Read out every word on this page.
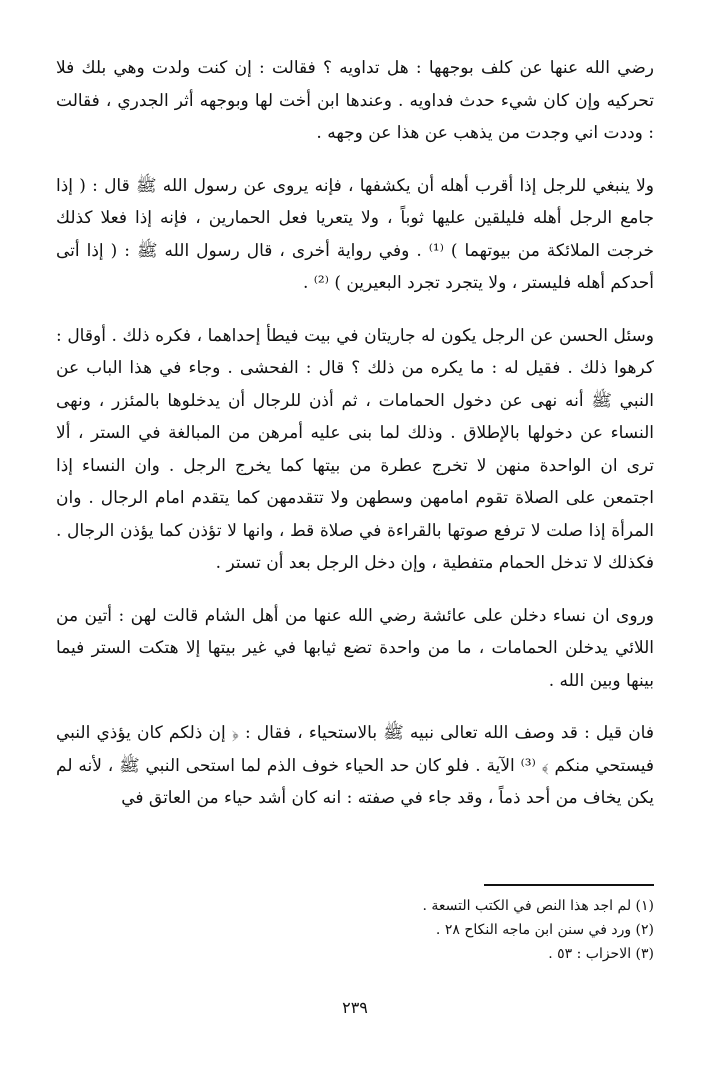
رضي الله عنها عن كلف بوجهها : هل تداويه ؟ فقالت : إن كنت ولدت وهي بلك فلا تحركيه وإن كان شيء حدث فداويه . وعندها ابن أخت لها وبوجهه أثر الجدري ، فقالت : وددت اني وجدت من يذهب عن هذا عن وجهه .

ولا ينبغي للرجل إذا أقرب أهله أن يكشفها ، فإنه يروى عن رسول الله ﷺ قال : ( إذا جامع الرجل أهله فليلقين عليها ثوباً ، ولا يتعريا فعل الحمارين ، فإنه إذا فعلا كذلك خرجت الملائكة من بيوتهما ) ⁽¹⁾ . وفي رواية أخرى ، قال رسول الله ﷺ : ( إذا أتى أحدكم أهله فليستر ، ولا يتجرد تجرد البعيرين ) ⁽²⁾ .

وسئل الحسن عن الرجل يكون له جاريتان في بيت فيطأ إحداهما ، فكره ذلك . أوقال : كرهوا ذلك . فقيل له : ما يكره من ذلك ؟ قال : الفحشى . وجاء في هذا الباب عن النبي ﷺ أنه نهى عن دخول الحمامات ، ثم أذن للرجال أن يدخلوها بالمئزر ، ونهى النساء عن دخولها بالإطلاق . وذلك لما بنى عليه أمرهن من المبالغة في الستر ، ألا ترى ان الواحدة منهن لا تخرج عطرة من بيتها كما يخرج الرجل . وان النساء إذا اجتمعن على الصلاة تقوم امامهن وسطهن ولا تتقدمهن كما يتقدم امام الرجال . وان المرأة إذا صلت لا ترفع صوتها بالقراءة في صلاة قط ، وانها لا تؤذن كما يؤذن الرجال . فكذلك لا تدخل الحمام متفطية ، وإن دخل الرجل بعد أن تستر .

وروى ان نساء دخلن على عائشة رضي الله عنها من أهل الشام قالت لهن : أتين من اللائي يدخلن الحمامات ، ما من واحدة تضع ثيابها في غير بيتها إلا هتكت الستر فيما بينها وبين الله .

فان قيل : قد وصف الله تعالى نبيه ﷺ بالاستحياء ، فقال : ﴿ إن ذلكم كان يؤذي النبي فيستحي منكم ﴾ ⁽³⁾ الآية . فلو كان حد الحياء خوف الذم لما استحى النبي ﷺ ، لأنه لم يكن يخاف من أحد ذماً ، وقد جاء في صفته : انه كان أشد حياء من العاتق في

(١) لم اجد هذا النص في الكتب التسعة .

(٢) ورد في سنن ابن ماجه النكاح ٢٨ .

(٣) الاحزاب : ٥٣ .

٢٣٩
